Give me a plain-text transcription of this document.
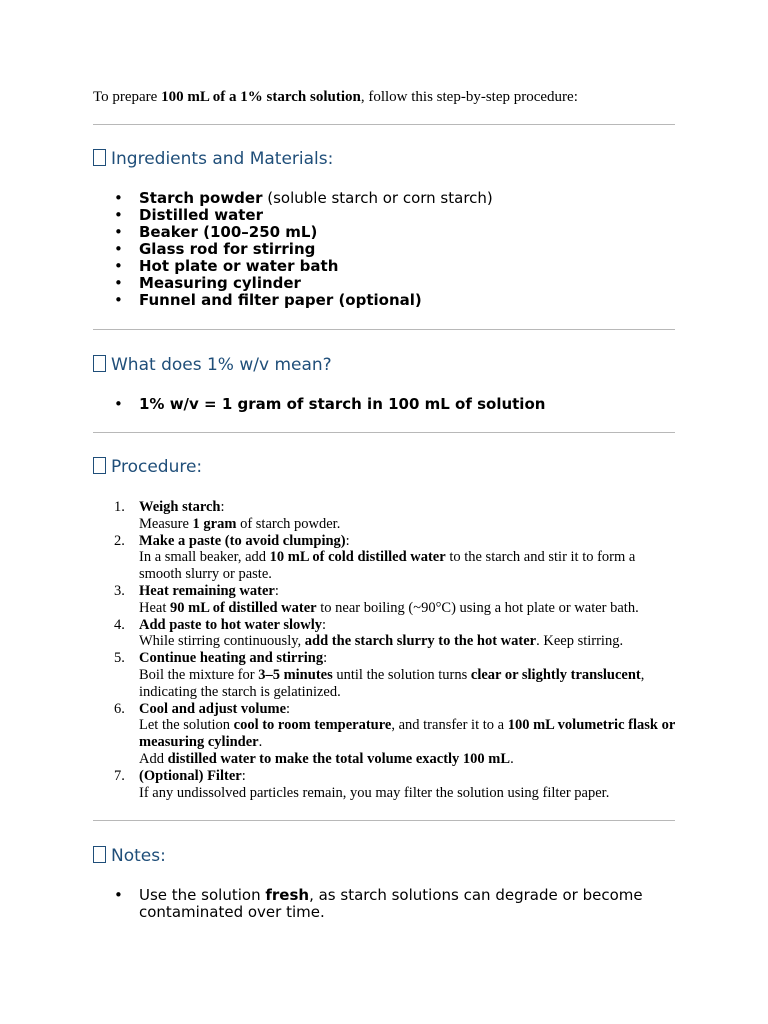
To prepare 100 mL of a 1% starch solution, follow this step-by-step procedure:
Ingredients and Materials:
• Starch powder (soluble starch or corn starch)
• Distilled water
• Beaker (100–250 mL)
• Glass rod for stirring
• Hot plate or water bath
• Measuring cylinder
• Funnel and filter paper (optional)
What does 1% w/v mean?
• 1% w/v = 1 gram of starch in 100 mL of solution
Procedure:
1. Weigh starch:
Measure 1 gram of starch powder.
2. Make a paste (to avoid clumping):
In a small beaker, add 10 mL of cold distilled water to the starch and stir it to form a smooth slurry or paste.
3. Heat remaining water:
Heat 90 mL of distilled water to near boiling (~90°C) using a hot plate or water bath.
4. Add paste to hot water slowly:
While stirring continuously, add the starch slurry to the hot water. Keep stirring.
5. Continue heating and stirring:
Boil the mixture for 3–5 minutes until the solution turns clear or slightly translucent, indicating the starch is gelatinized.
6. Cool and adjust volume:
Let the solution cool to room temperature, and transfer it to a 100 mL volumetric flask or measuring cylinder.
Add distilled water to make the total volume exactly 100 mL.
7. (Optional) Filter:
If any undissolved particles remain, you may filter the solution using filter paper.
Notes:
• Use the solution fresh, as starch solutions can degrade or become contaminated over time.
